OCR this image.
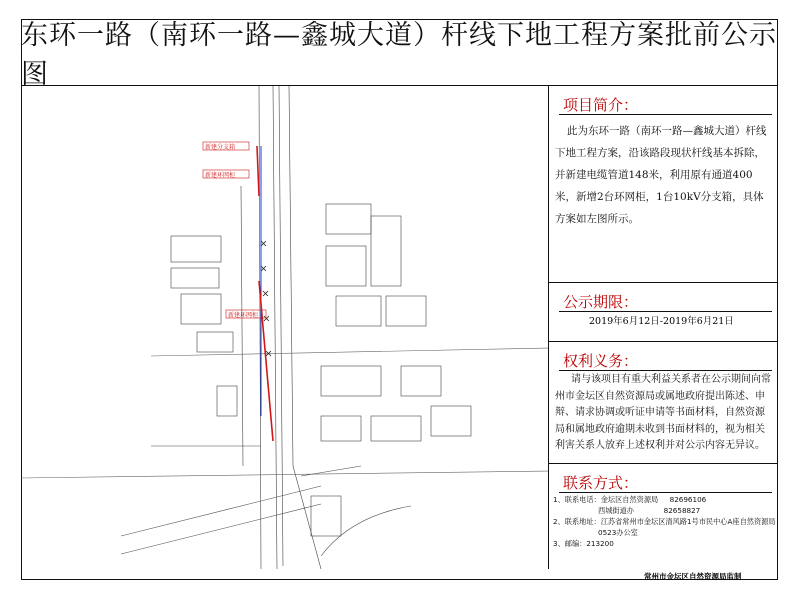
东环一路（南环一路—鑫城大道）杆线下地工程方案批前公示图
新建分支箱
新建环网柜
新建环网柜
项目简介：
此为东环一路（南环一路—鑫城大道）杆线下地工程方案，沿该路段现状杆线基本拆除，并新建电缆管道148米，利用原有通道400米，新增2台环网柜，1台10kV分支箱，具体方案如左图所示。
公示期限：
2019年6月12日-2019年6月21日
权利义务：
请与该项目有重大利益关系者在公示期间向常州市金坛区自然资源局或属地政府提出陈述、申辩、请求协调或听证申请等书面材料，自然资源局和属地政府逾期未收到书面材料的，视为相关利害关系人放弃上述权利并对公示内容无异议。
联系方式：
1、联系电话：金坛区自然资源局 82696106
西城街道办	82658827
2、联系地址：江苏省常州市金坛区清风路1号市民中心A座自然资源局
0523办公室
3、邮编：213200
常州市金坛区自然资源局监制
